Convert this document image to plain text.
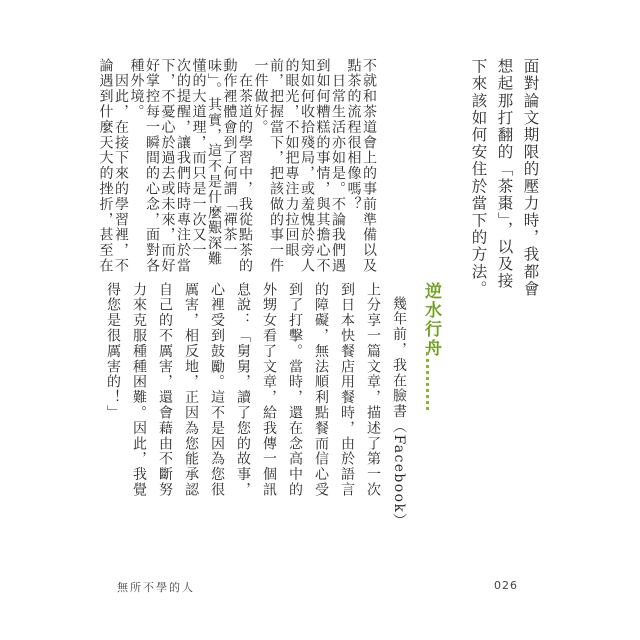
面對論文期限的壓力時，我都會
想起那打翻的「茶棗」，以及接
下來該如何安住於當下的方法。
逆水行舟
無所不學的人	026
幾年前，我在臉書（Facebook）
上分享一篇文章，描述了第一次
到日本快餐店用餐時，由於語言
的障礙，無法順利點餐而信心受
到了打擊。當時，還在念高中的
外甥女看了文章，給我傳一個訊
息說：「舅舅，讀了您的故事，
心裡受到鼓勵。這不是因為您很
厲害，相反地，正因為您能承認
自己的不厲害，還會藉由不斷努
力來克服種種困難。因此，我覺
得您是很厲害的！」
不就和茶道會上的事前準備以及
點茶的流程很相像嗎？
　日常生活亦如是。不論我們遇
到如何糟糕的事情，與其擔心不
知如何收拾殘局，或羞愧於旁人
的眼光，不如把專注力拉回眼
前，把握當下，把該做的事一件
一件做好。
　在茶道的學習中，我從點茶的
動作裡體會到了何謂「禪茶一
味」。其實，這不是什麼艱深難
懂的大道理，而只是一次又一
次的提醒，讓我們時時專注於當
下，不憂心於過去或未來，而好
好掌控每一瞬間的心念，面對各
種外境。
　因此，在接下來的學習裡，不
論遇到什麼天大的挫折，甚至在
